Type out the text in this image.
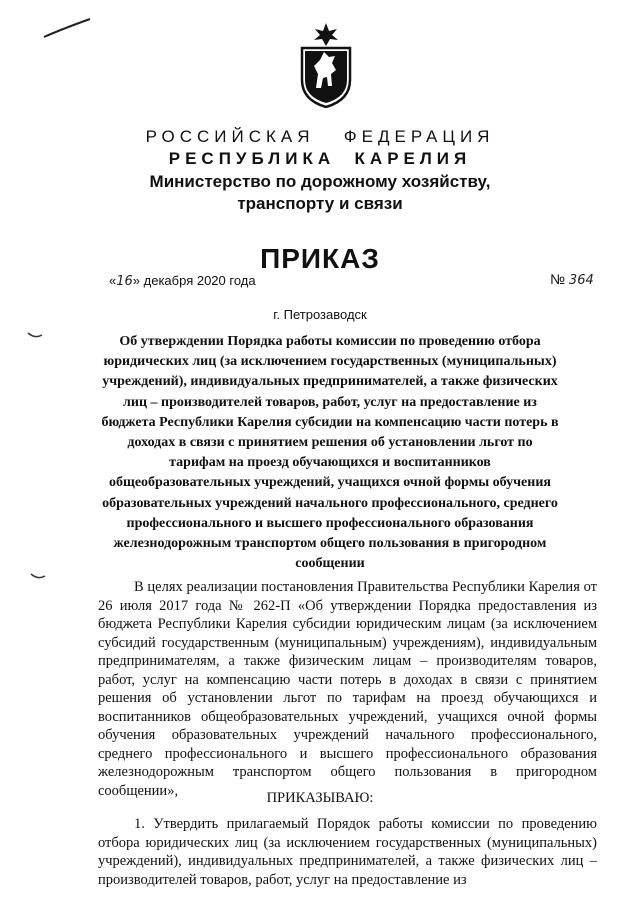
РОССИЙСКАЯ   ФЕДЕРАЦИЯ
РЕСПУБЛИКА  КАРЕЛИЯ
Министерство по дорожному хозяйству,
транспорту и связи
ПРИКАЗ
«16» декабря 2020 года	№ 364
г. Петрозаводск
Об утверждении Порядка работы комиссии по проведению отбора юридических лиц (за исключением государственных (муниципальных) учреждений), индивидуальных предпринимателей, а также физических лиц – производителей товаров, работ, услуг на предоставление из бюджета Республики Карелия субсидии на компенсацию части потерь в доходах в связи с принятием решения об установлении льгот по тарифам на проезд обучающихся и воспитанников общеобразовательных учреждений, учащихся очной формы обучения образовательных учреждений начального профессионального, среднего профессионального и высшего профессионального образования железнодорожным транспортом общего пользования в пригородном сообщении
В целях реализации постановления Правительства Республики Карелия от 26 июля 2017 года № 262-П «Об утверждении Порядка предоставления из бюджета Республики Карелия субсидии юридическим лицам (за исключением субсидий государственным (муниципальным) учреждениям), индивидуальным предпринимателям, а также физическим лицам – производителям товаров, работ, услуг на компенсацию части потерь в доходах в связи с принятием решения об установлении льгот по тарифам на проезд обучающихся и воспитанников общеобразовательных учреждений, учащихся очной формы обучения образовательных учреждений начального профессионального, среднего профессионального и высшего профессионального образования железнодорожным транспортом общего пользования в пригородном сообщении»,	ПРИКАЗЫВАЮ:
1. Утвердить прилагаемый Порядок работы комиссии по проведению отбора юридических лиц (за исключением государственных (муниципальных) учреждений), индивидуальных предпринимателей, а также физических лиц – производителей товаров, работ, услуг на предоставление из
